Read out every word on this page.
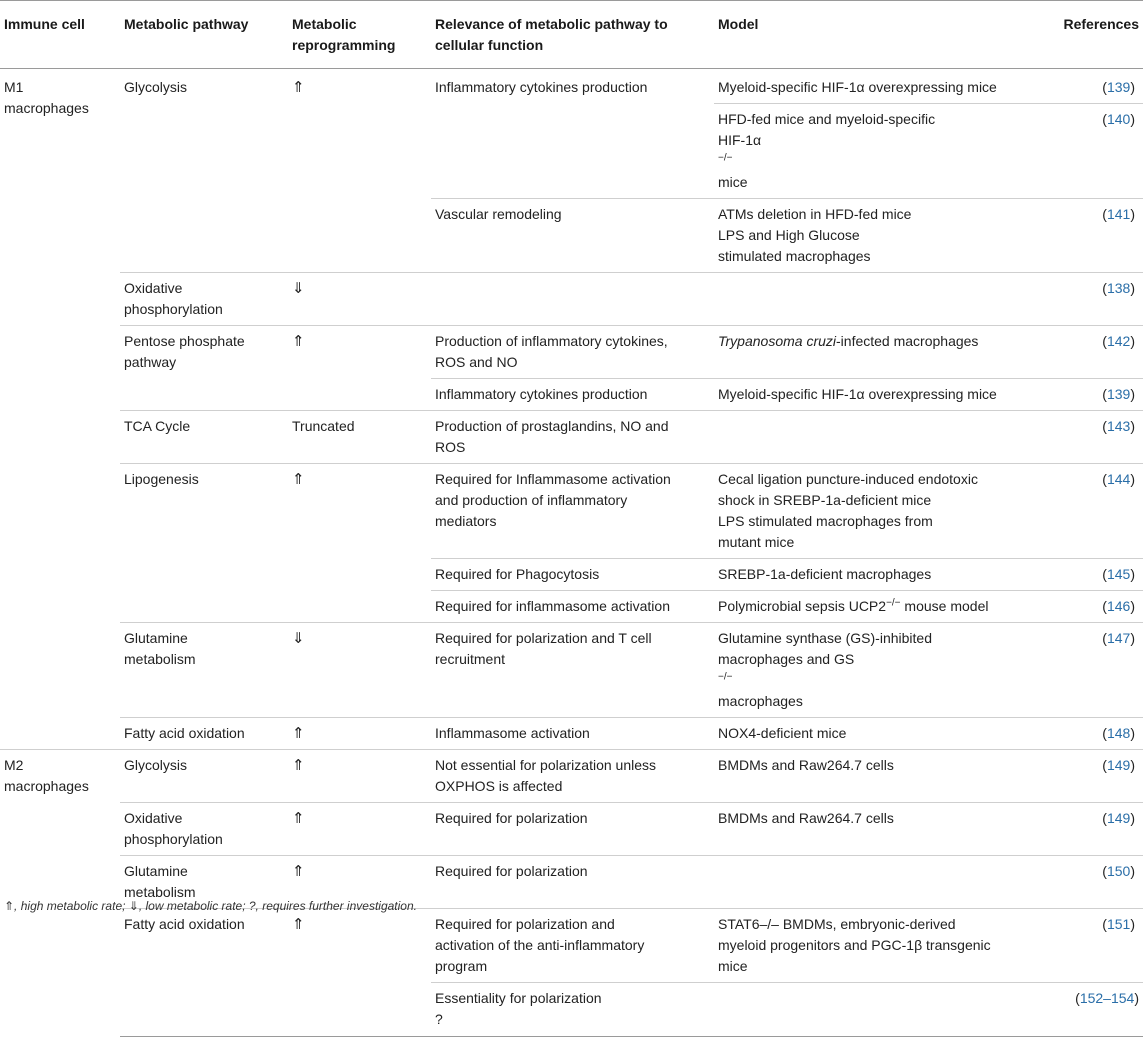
Immune cell	Metabolic pathway	Metabolic reprogramming	Relevance of metabolic pathway to cellular function	Model	References

M1
macrophages	Glycolysis	⇑	Inflammatory cytokines production	Myeloid-specific HIF-1α overexpressing mice	(139)

				HFD-fed mice and myeloid-specific
HIF-1α
−/−
mice	(140)
			Vascular remodeling	ATMs deletion in HFD-fed mice
LPS and High Glucose
stimulated macrophages	(141)

	Oxidative
phosphorylation	⇓			(138)

	Pentose phosphate
pathway	⇑	Production of inflammatory cytokines,
ROS and NO	Trypanosoma cruzi-infected macrophages	(142)
			Inflammatory cytokines production	Myeloid-specific HIF-1α overexpressing mice	(139)
	TCA Cycle	Truncated	Production of prostaglandins, NO and
ROS		(143)
	Lipogenesis	⇑	Required for Inflammasome activation
and production of inflammatory
mediators	Cecal ligation puncture-induced endotoxic
shock in SREBP-1a-deficient mice
LPS stimulated macrophages from
mutant mice	(144)
			Required for Phagocytosis	SREBP-1a-deficient macrophages	(145)
			Required for inflammasome activation	Polymicrobial sepsis UCP2−/− mouse model	(146)

	Glutamine
metabolism	⇓	Required for polarization and T cell
recruitment	Glutamine synthase (GS)-inhibited
macrophages and GS
−/−
macrophages	(147)
	Fatty acid oxidation	⇑	Inflammasome activation	NOX4-deficient mice	(148)

M2
macrophages	Glycolysis	⇑	Not essential for polarization unless
OXPHOS is affected	BMDMs and Raw264.7 cells	(149)

	Oxidative
phosphorylation	⇑	Required for polarization	BMDMs and Raw264.7 cells	(149)

	Glutamine
metabolism	⇑	Required for polarization		(150)
	Fatty acid oxidation	⇑	Required for polarization and
activation of the anti-inflammatory
program	STAT6–/– BMDMs, embryonic-derived
myeloid progenitors and PGC-1β transgenic
mice	(151)

			Essentiality for polarization
?		(152–154)
⇑, high metabolic rate; ⇓, low metabolic rate; ?, requires further investigation.
